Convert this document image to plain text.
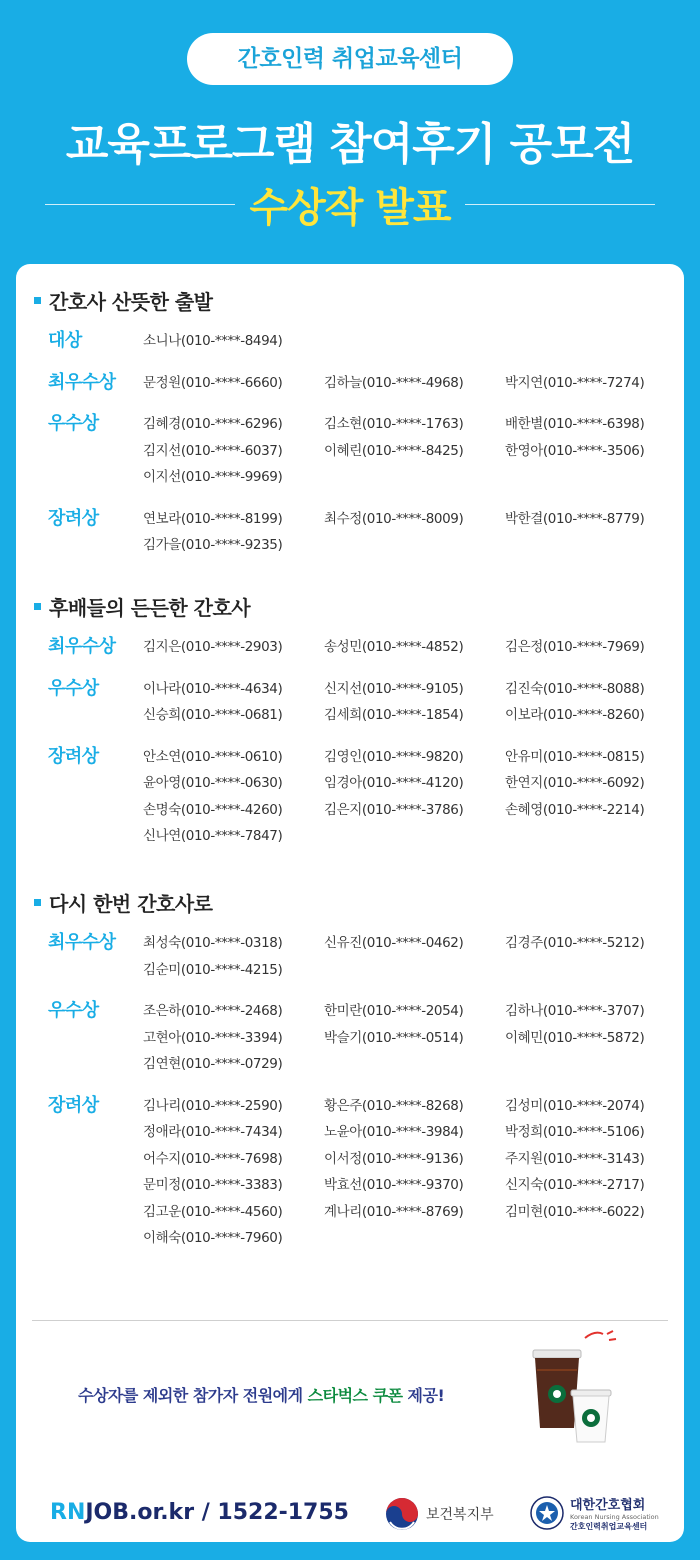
간호인력 취업교육센터
교육프로그램 참여후기 공모전
수상작 발표
간호사 산뜻한 출발
대상	소니나(010-****-8494)
최우수상 문정원(010-****-6660)	김하늘(010-****-4968)	박지연(010-****-7274)
우수상	김혜경(010-****-6296)	김소현(010-****-1763)	배한별(010-****-6398)
김지선(010-****-6037)	이혜린(010-****-8425)	한영아(010-****-3506)
이지선(010-****-9969)
장려상	연보라(010-****-8199)	최수정(010-****-8009)	박한결(010-****-8779)
김가을(010-****-9235)
후배들의 든든한 간호사
최우수상 김지은(010-****-2903)	송성민(010-****-4852)	김은정(010-****-7969)
우수상	이나라(010-****-4634)	신지선(010-****-9105)	김진숙(010-****-8088)
신승희(010-****-0681)	김세희(010-****-1854)	이보라(010-****-8260)
장려상	안소연(010-****-0610)	김영인(010-****-9820)	안유미(010-****-0815)
윤아영(010-****-0630)	임경아(010-****-4120)	한연지(010-****-6092)
손명숙(010-****-4260)	김은지(010-****-3786)	손혜영(010-****-2214)
신나연(010-****-7847)
다시 한번 간호사로
최우수상 최성숙(010-****-0318)	신유진(010-****-0462)	김경주(010-****-5212)
김순미(010-****-4215)
우수상	조은하(010-****-2468)	한미란(010-****-2054)	김하나(010-****-3707)
고현아(010-****-3394)	박슬기(010-****-0514)	이혜민(010-****-5872)
김연현(010-****-0729)
장려상	김나리(010-****-2590)	황은주(010-****-8268)	김성미(010-****-2074)
정애라(010-****-7434)	노윤아(010-****-3984)	박정희(010-****-5106)
어수지(010-****-7698)	이서정(010-****-9136)	주지원(010-****-3143)
문미정(010-****-3383)	박효선(010-****-9370)	신지숙(010-****-2717)
김고운(010-****-4560)	계나리(010-****-8769)	김미현(010-****-6022)
이해숙(010-****-7960)
수상자를 제외한 참가자 전원에게 스타벅스 쿠폰 제공!
RNJOB.or.kr / 1522-1755	보건복지부
대한간호협회
Korean Nursing Association
간호인력취업교육센터
